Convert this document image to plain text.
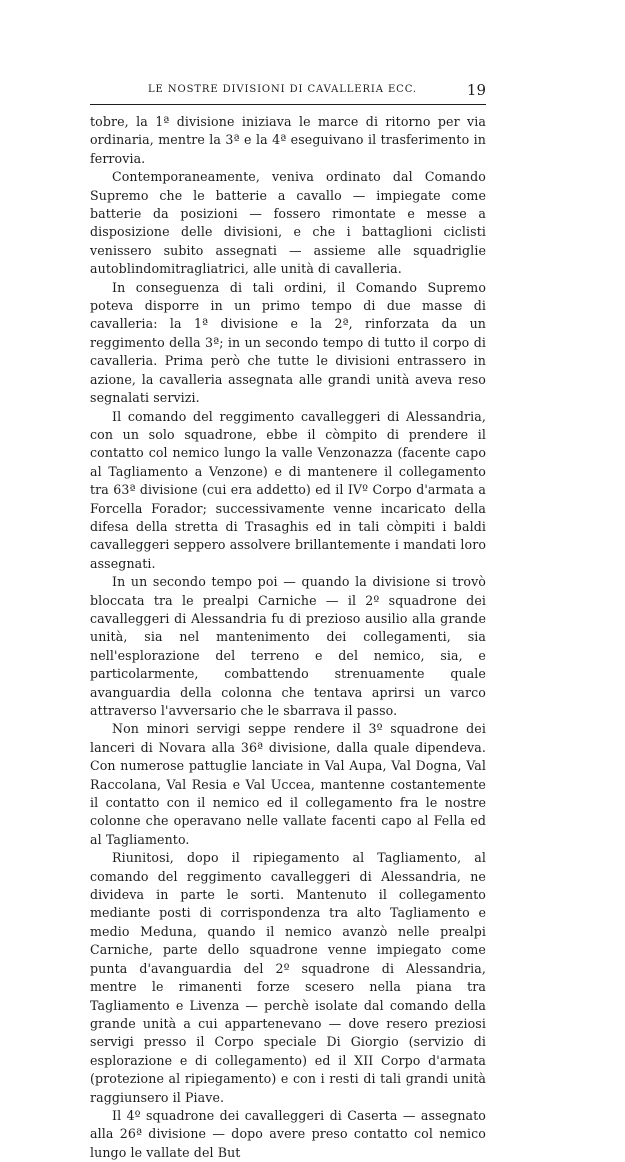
LE NOSTRE DIVISIONI DI CAVALLERIA ECC.	19

tobre, la 1ª divisione iniziava le marce di ritorno per via ordinaria, mentre la 3ª e la 4ª eseguivano il trasferimento in ferrovia.

Contemporaneamente, veniva ordinato dal Comando Supremo che le batterie a cavallo — impiegate come batterie da posizioni — fossero rimontate e messe a disposizione delle divisioni, e che i battaglioni ciclisti venissero subito assegnati — assieme alle squadriglie autoblindomitragliatrici, alle unità di cavalleria.

In conseguenza di tali ordini, il Comando Supremo poteva disporre in un primo tempo di due masse di cavalleria: la 1ª divisione e la 2ª, rinforzata da un reggimento della 3ª; in un secondo tempo di tutto il corpo di cavalleria. Prima però che tutte le divisioni entrassero in azione, la cavalleria assegnata alle grandi unità aveva reso segnalati servizi.

Il comando del reggimento cavalleggeri di Alessandria, con un solo squadrone, ebbe il còmpito di prendere il contatto col nemico lungo la valle Venzonazza (facente capo al Tagliamento a Venzone) e di mantenere il collegamento tra 63ª divisione (cui era addetto) ed il IVº Corpo d'armata a Forcella Forador; successivamente venne incaricato della difesa della stretta di Trasaghis ed in tali còmpiti i baldi cavalleggeri seppero assolvere brillantemente i mandati loro assegnati.

In un secondo tempo poi — quando la divisione si trovò bloccata tra le prealpi Carniche — il 2º squadrone dei cavalleggeri di Alessandria fu di prezioso ausilio alla grande unità, sia nel mantenimento dei collegamenti, sia nell'esplorazione del terreno e del nemico, sia, e particolarmente, combattendo strenuamente quale avanguardia della colonna che tentava aprirsi un varco attraverso l'avversario che le sbarrava il passo.

Non minori servigi seppe rendere il 3º squadrone dei lanceri di Novara alla 36ª divisione, dalla quale dipendeva. Con numerose pattuglie lanciate in Val Aupa, Val Dogna, Val Raccolana, Val Resia e Val Uccea, mantenne costantemente il contatto con il nemico ed il collegamento fra le nostre colonne che operavano nelle vallate facenti capo al Fella ed al Tagliamento.

Riunitosi, dopo il ripiegamento al Tagliamento, al comando del reggimento cavalleggeri di Alessandria, ne divideva in parte le sorti. Mantenuto il collegamento mediante posti di corrispondenza tra alto Tagliamento e medio Meduna, quando il nemico avanzò nelle prealpi Carniche, parte dello squadrone venne impiegato come punta d'avanguardia del 2º squadrone di Alessandria, mentre le rimanenti forze scesero nella piana tra Tagliamento e Livenza — perchè isolate dal comando della grande unità a cui appartenevano — dove resero preziosi servigi presso il Corpo speciale Di Giorgio (servizio di esplorazione e di collegamento) ed il XII Corpo d'armata (protezione al ripiegamento) e con i resti di tali grandi unità raggiunsero il Piave.

Il 4º squadrone dei cavalleggeri di Caserta — assegnato alla 26ª divisione — dopo avere preso contatto col nemico lungo le vallate del But
